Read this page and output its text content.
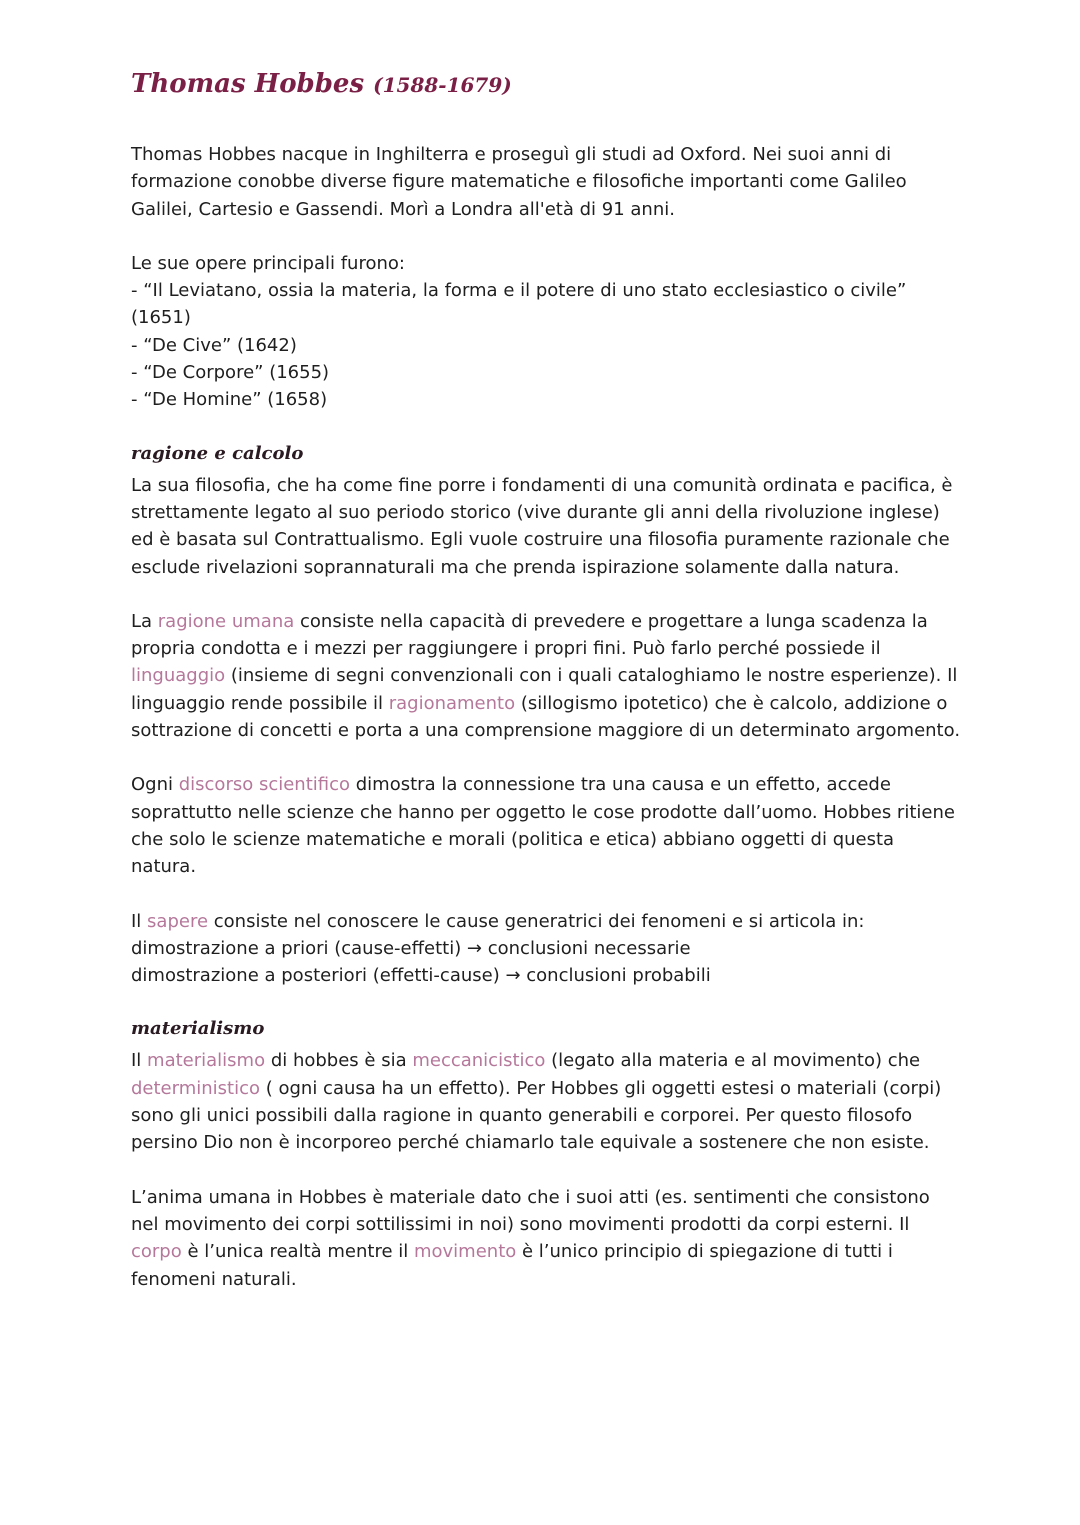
Thomas Hobbes (1588-1679)

Thomas Hobbes nacque in Inghilterra e proseguì gli studi ad Oxford. Nei suoi anni di formazione conobbe diverse figure matematiche e filosofiche importanti come Galileo Galilei, Cartesio e Gassendi. Morì a Londra all'età di 91 anni.

Le sue opere principali furono:

- “Il Leviatano, ossia la materia, la forma e il potere di uno stato ecclesiastico o civile” (1651)

- “De Cive” (1642)

- “De Corpore” (1655)

- “De Homine” (1658)

ragione e calcolo

La sua filosofia, che ha come fine porre i fondamenti di una comunità ordinata e pacifica, è strettamente legato al suo periodo storico (vive durante gli anni della rivoluzione inglese) ed è basata sul Contrattualismo. Egli vuole costruire una filosofia puramente razionale che esclude rivelazioni soprannaturali ma che prenda ispirazione solamente dalla natura.

La ragione umana consiste nella capacità di prevedere e progettare a lunga scadenza la propria condotta e i mezzi per raggiungere i propri fini. Può farlo perché possiede il linguaggio (insieme di segni convenzionali con i quali cataloghiamo le nostre esperienze). Il linguaggio rende possibile il ragionamento (sillogismo ipotetico) che è calcolo, addizione o sottrazione di concetti e porta a una comprensione maggiore di un determinato argomento.

Ogni discorso scientifico dimostra la connessione tra una causa e un effetto, accede soprattutto nelle scienze che hanno per oggetto le cose prodotte dall’uomo. Hobbes ritiene che solo le scienze matematiche e morali (politica e etica) abbiano oggetti di questa natura.

Il sapere consiste nel conoscere le cause generatrici dei fenomeni e si articola in:
dimostrazione a priori (cause-effetti) → conclusioni necessarie
dimostrazione a posteriori (effetti-cause) → conclusioni probabili

materialismo

Il materialismo di hobbes è sia meccanicistico (legato alla materia e al movimento) che deterministico ( ogni causa ha un effetto). Per Hobbes gli oggetti estesi o materiali (corpi) sono gli unici possibili dalla ragione in quanto generabili e corporei. Per questo filosofo persino Dio non è incorporeo perché chiamarlo tale equivale a sostenere che non esiste.

L’anima umana in Hobbes è materiale dato che i suoi atti (es. sentimenti che consistono nel movimento dei corpi sottilissimi in noi) sono movimenti prodotti da corpi esterni. Il corpo è l’unica realtà mentre il movimento è l’unico principio di spiegazione di tutti i fenomeni naturali.
